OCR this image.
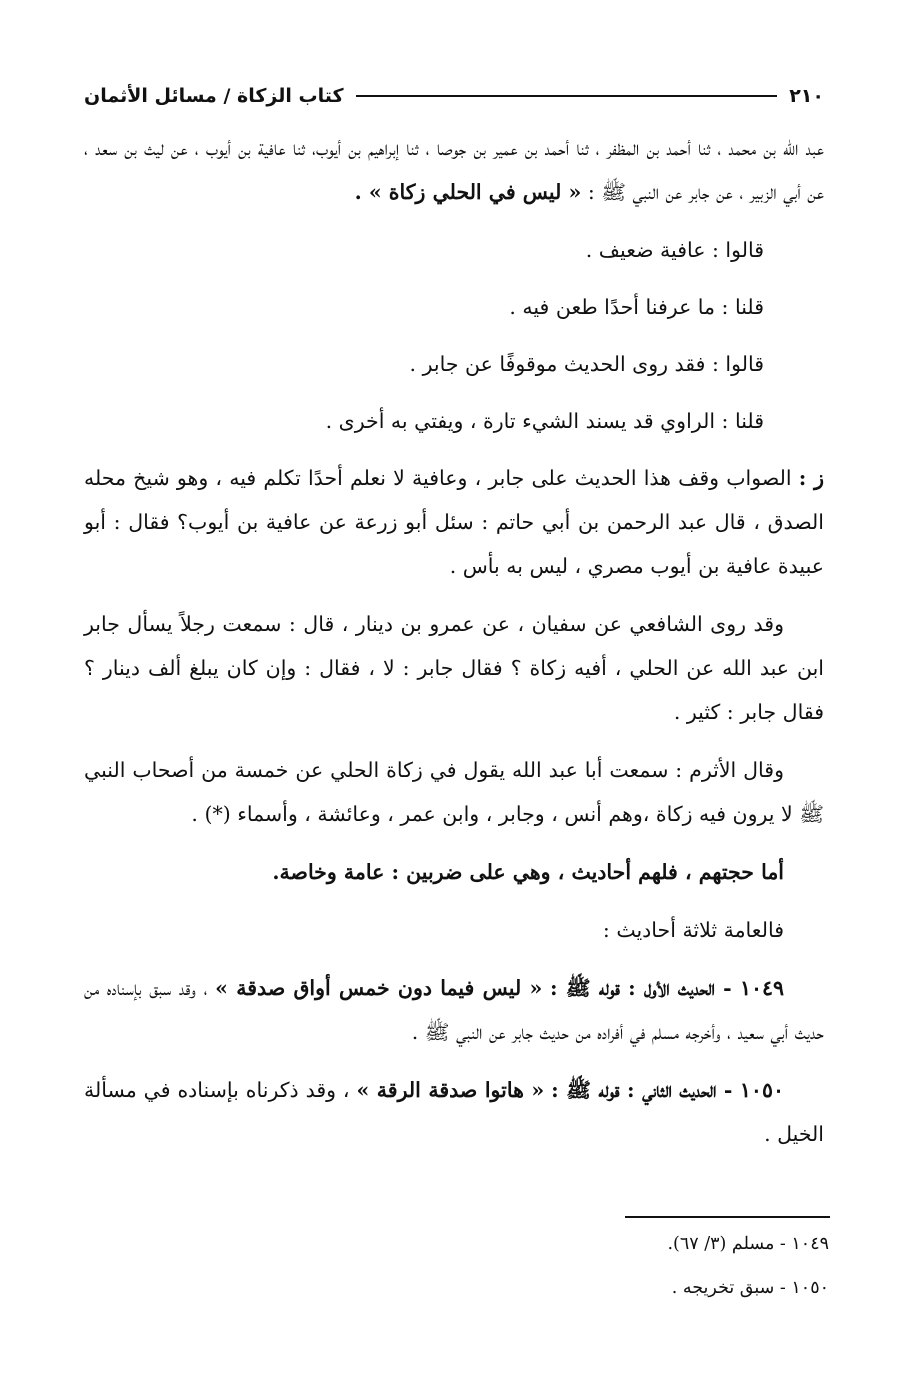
٢١٠
كتاب الزكاة / مسائل الأثمان

عبد الله بن محمد ، ثنا أحمد بن المظفر ، ثنا أحمد بن عمير بن جوصا ، ثنا إبراهيم بن أيوب، ثنا عافية بن أيوب ، عن ليث بن سعد ، عن أبي الزبير ، عن جابر عن النبي ﷺ : « ليس في الحلي زكاة » .

قالوا : عافية ضعيف .

قلنا : ما عرفنا أحدًا طعن فيه .

قالوا : فقد روى الحديث موقوفًا عن جابر .

قلنا : الراوي قد يسند الشيء تارة ، ويفتي به أخرى .

ز : الصواب وقف هذا الحديث على جابر ، وعافية لا نعلم أحدًا تكلم فيه ، وهو شيخ محله الصدق ، قال عبد الرحمن بن أبي حاتم : سئل أبو زرعة عن عافية بن أيوب؟ فقال : أبو عبيدة عافية بن أيوب مصري ، ليس به بأس .

وقد روى الشافعي عن سفيان ، عن عمرو بن دينار ، قال : سمعت رجلاً يسأل جابر ابن عبد الله عن الحلي ، أفيه زكاة ؟ فقال جابر : لا ، فقال : وإن كان يبلغ ألف دينار ؟ فقال جابر : كثير .

وقال الأثرم : سمعت أبا عبد الله يقول في زكاة الحلي عن خمسة من أصحاب النبي ﷺ لا يرون فيه زكاة ،وهم أنس ، وجابر ، وابن عمر ، وعائشة ، وأسماء (*) .

أما حجتهم ، فلهم أحاديث ، وهي على ضربين : عامة وخاصة.

فالعامة ثلاثة أحاديث :

١٠٤٩ - الحديث الأول : قوله ﷺ : « ليس فيما دون خمس أواق صدقة » ، وقد سبق بإسناده من حديث أبي سعيد ، وأخرجه مسلم في أفراده من حديث جابر عن النبي ﷺ .

١٠٥٠ - الحديث الثاني : قوله ﷺ : « هاتوا صدقة الرقة » ، وقد ذكرناه بإسناده في مسألة الخيل .

١٠٤٩ - مسلم (٣/ ٦٧).

١٠٥٠ - سبق تخريجه .
